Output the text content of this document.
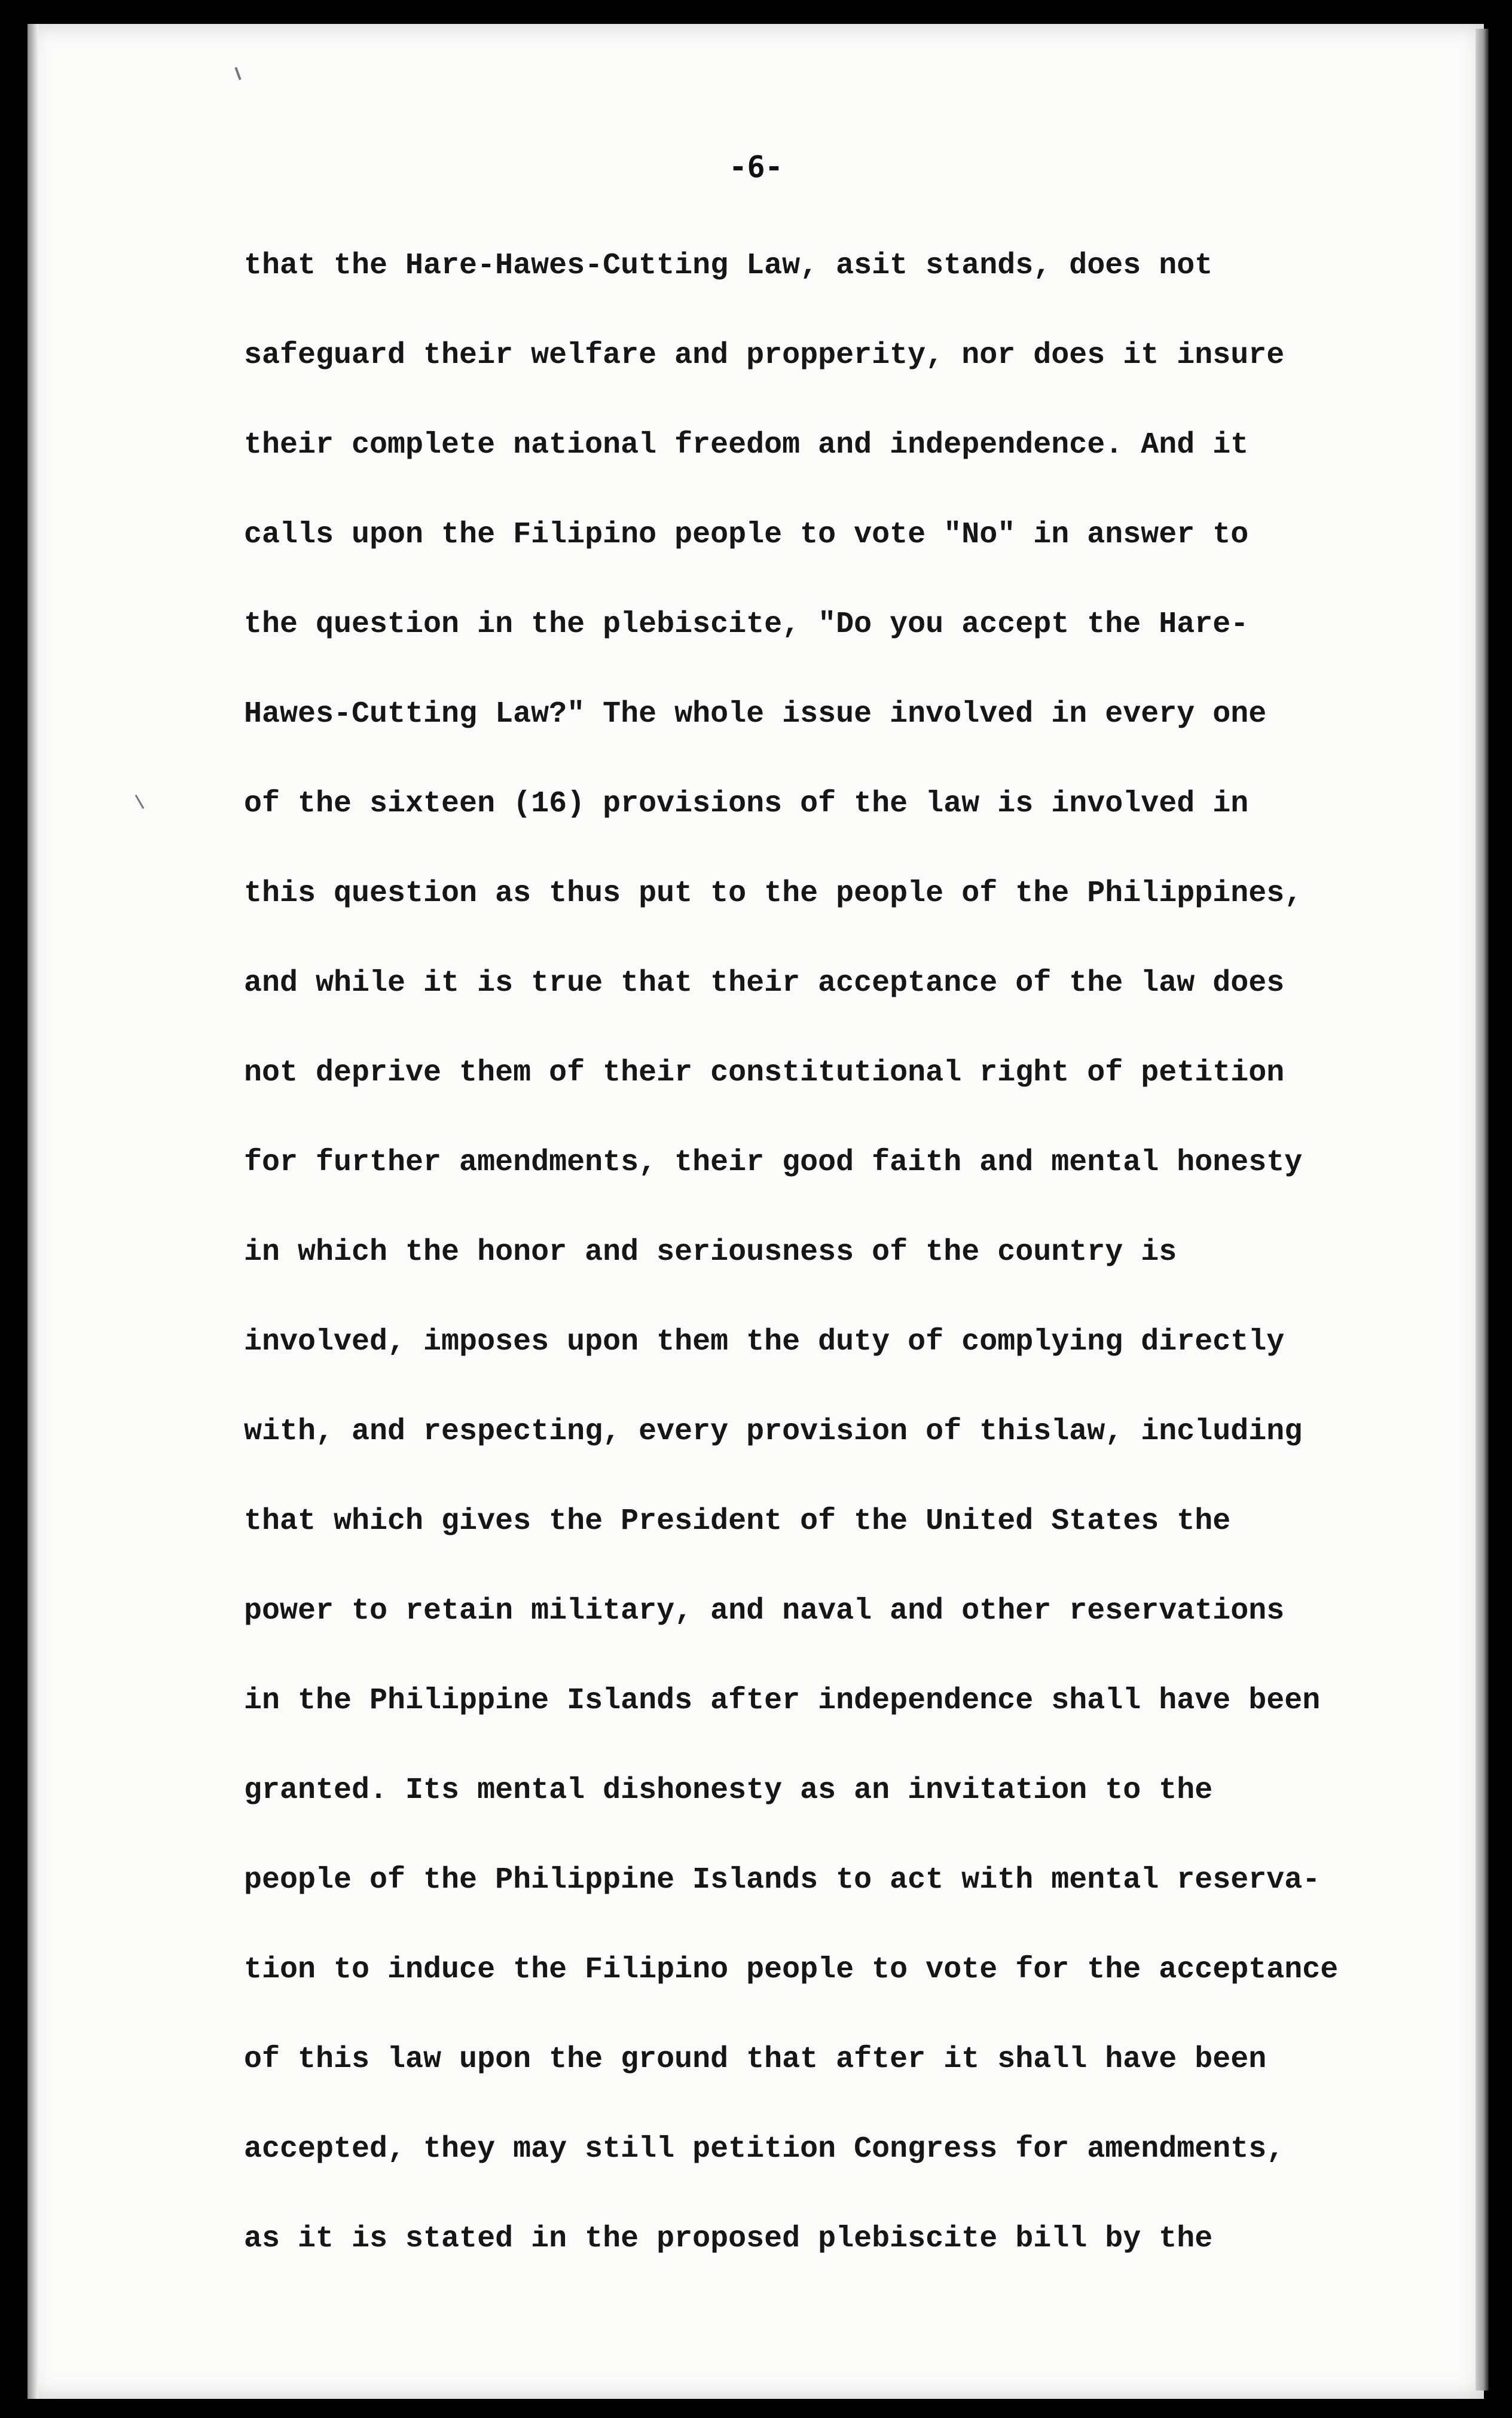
-6-
that the Hare-Hawes-Cutting Law, asit stands, does not
safeguard their welfare and propperity, nor does it insure
their complete national freedom and independence. And it
calls upon the Filipino people to vote "No" in answer to
the question in the plebiscite, "Do you accept the Hare-
Hawes-Cutting Law?" The whole issue involved in every one
of the sixteen (16) provisions of the law is involved in
this question as thus put to the people of the Philippines,
and while it is true that their acceptance of the law does
not deprive them of their constitutional right of petition
for further amendments, their good faith and mental honesty
in which the honor and seriousness of the country is
involved, imposes upon them the duty of complying directly
with, and respecting, every provision of thislaw, including
that which gives the President of the United States the
power to retain military, and naval and other reservations
in the Philippine Islands after independence shall have been
granted. Its mental dishonesty as an invitation to the
people of the Philippine Islands to act with mental reserva-
tion to induce the Filipino people to vote for the acceptance
of this law upon the ground that after it shall have been
accepted, they may still petition Congress for amendments,
as it is stated in the proposed plebiscite bill by the
